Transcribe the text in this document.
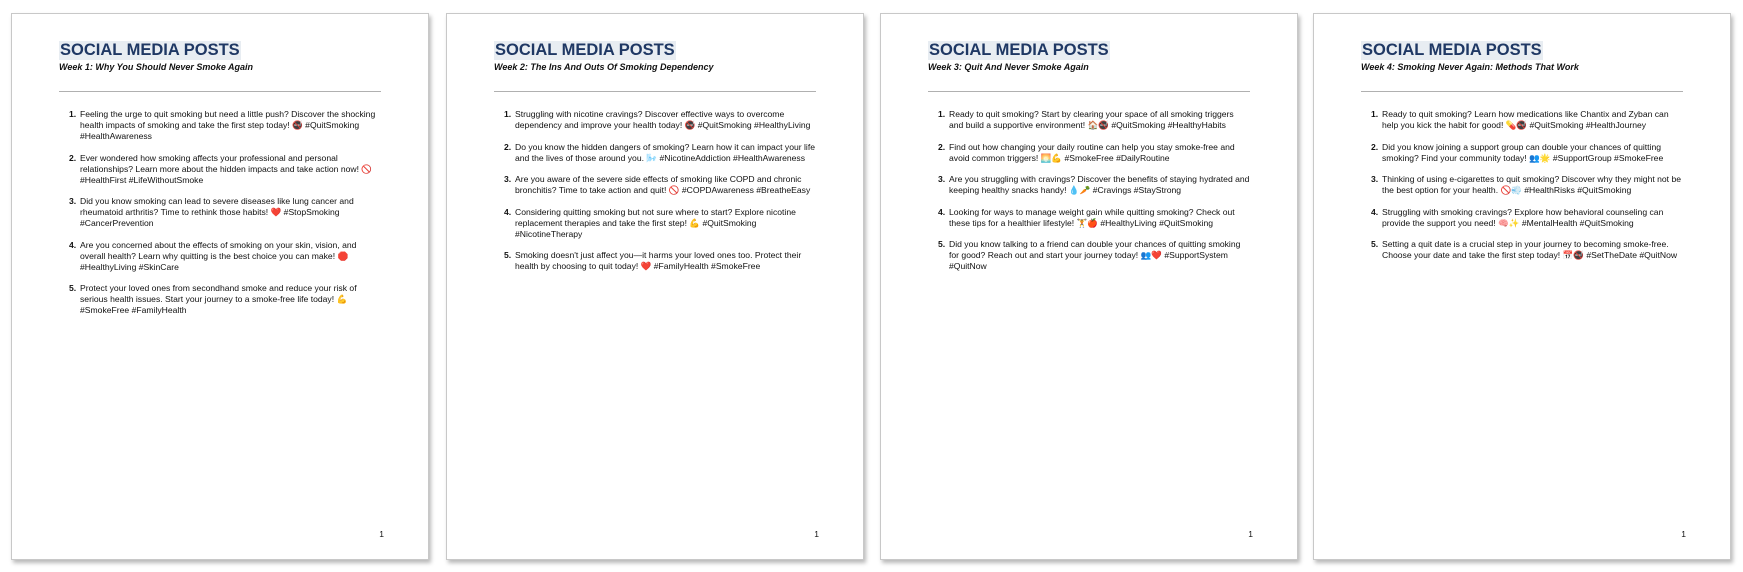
SOCIAL MEDIA POSTS
Week 1: Why You Should Never Smoke Again
1. Feeling the urge to quit smoking but need a little push? Discover the shocking health impacts of smoking and take the first step today! 🚭 #QuitSmoking #HealthAwareness
2. Ever wondered how smoking affects your professional and personal relationships? Learn more about the hidden impacts and take action now! 🚫 #HealthFirst #LifeWithoutSmoke
3. Did you know smoking can lead to severe diseases like lung cancer and rheumatoid arthritis? Time to rethink those habits! ❤️ #StopSmoking #CancerPrevention
4. Are you concerned about the effects of smoking on your skin, vision, and overall health? Learn why quitting is the best choice you can make! 🛑 #HealthyLiving #SkinCare
5. Protect your loved ones from secondhand smoke and reduce your risk of serious health issues. Start your journey to a smoke-free life today! 💪 #SmokeFree #FamilyHealth
1
SOCIAL MEDIA POSTS
Week 2: The Ins And Outs Of Smoking Dependency
1. Struggling with nicotine cravings? Discover effective ways to overcome dependency and improve your health today! 🚭 #QuitSmoking #HealthyLiving
2. Do you know the hidden dangers of smoking? Learn how it can impact your life and the lives of those around you. 🌬️ #NicotineAddiction #HealthAwareness
3. Are you aware of the severe side effects of smoking like COPD and chronic bronchitis? Time to take action and quit! 🚫 #COPDAwareness #BreatheEasy
4. Considering quitting smoking but not sure where to start? Explore nicotine replacement therapies and take the first step! 💪 #QuitSmoking #NicotineTherapy
5. Smoking doesn't just affect you—it harms your loved ones too. Protect their health by choosing to quit today! ❤️ #FamilyHealth #SmokeFree
1
SOCIAL MEDIA POSTS
Week 3: Quit And Never Smoke Again
1. Ready to quit smoking? Start by clearing your space of all smoking triggers and build a supportive environment! 🏠🚭 #QuitSmoking #HealthyHabits
2. Find out how changing your daily routine can help you stay smoke-free and avoid common triggers! 🌅💪 #SmokeFree #DailyRoutine
3. Are you struggling with cravings? Discover the benefits of staying hydrated and keeping healthy snacks handy! 💧🥕 #Cravings #StayStrong
4. Looking for ways to manage weight gain while quitting smoking? Check out these tips for a healthier lifestyle! 🏋️🍎 #HealthyLiving #QuitSmoking
5. Did you know talking to a friend can double your chances of quitting smoking for good? Reach out and start your journey today! 👥❤️ #SupportSystem #QuitNow
1
SOCIAL MEDIA POSTS
Week 4: Smoking Never Again: Methods That Work
1. Ready to quit smoking? Learn how medications like Chantix and Zyban can help you kick the habit for good! 💊🚭 #QuitSmoking #HealthJourney
2. Did you know joining a support group can double your chances of quitting smoking? Find your community today! 👥🌟 #SupportGroup #SmokeFree
3. Thinking of using e-cigarettes to quit smoking? Discover why they might not be the best option for your health. 🚫💨 #HealthRisks #QuitSmoking
4. Struggling with smoking cravings? Explore how behavioral counseling can provide the support you need! 🧠✨ #MentalHealth #QuitSmoking
5. Setting a quit date is a crucial step in your journey to becoming smoke-free. Choose your date and take the first step today! 📅🚭 #SetTheDate #QuitNow
1
